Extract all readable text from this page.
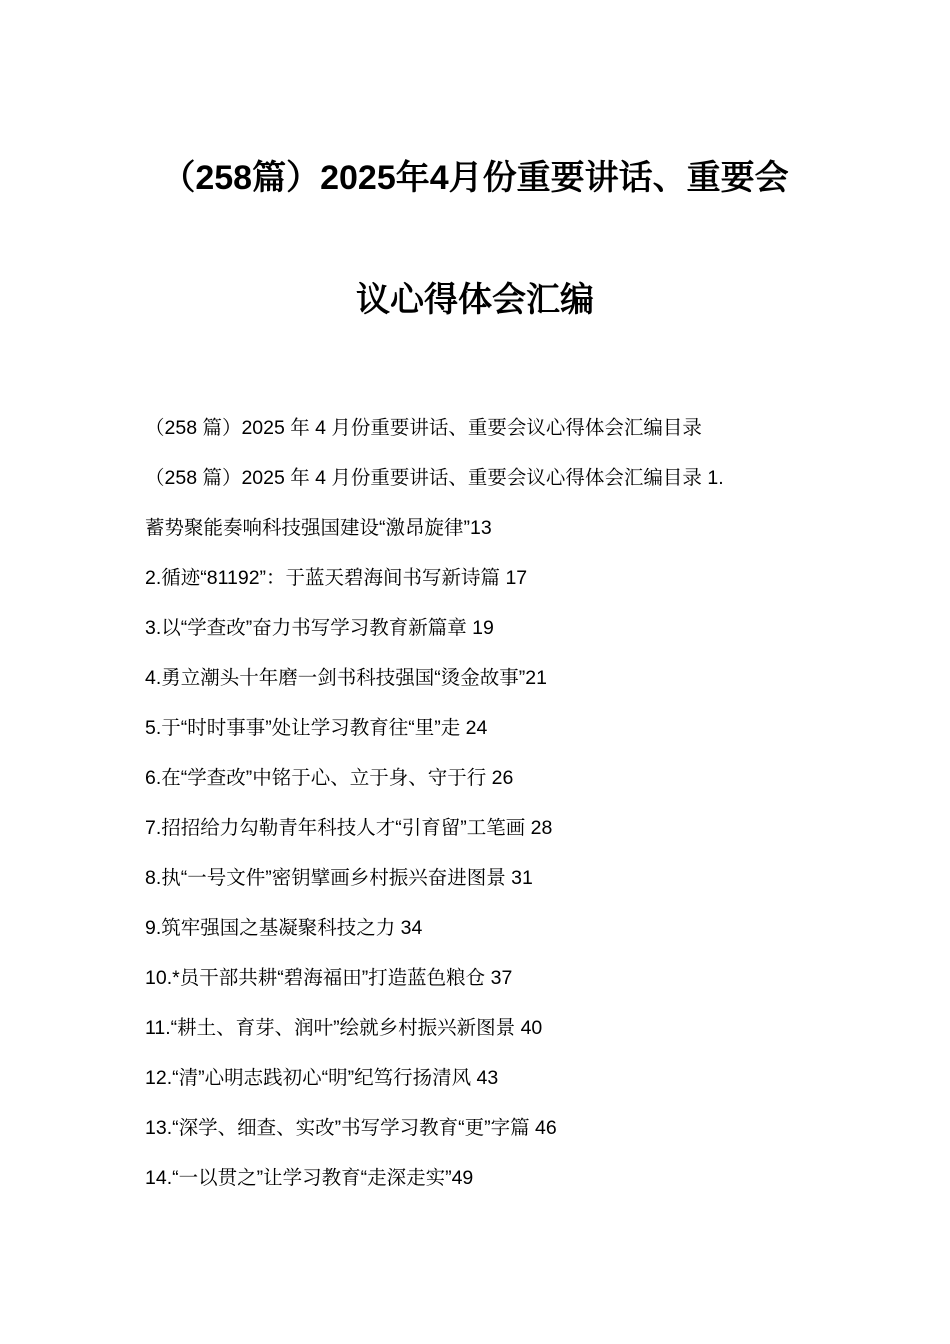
（258篇）2025年4月份重要讲话、重要会
议心得体会汇编
（258 篇）2025 年 4 月份重要讲话、重要会议心得体会汇编目录
（258 篇）2025 年 4 月份重要讲话、重要会议心得体会汇编目录 1.
蓄势聚能奏响科技强国建设“激昂旋律”13
2.循迹“81192”：于蓝天碧海间书写新诗篇 17
3.以“学查改”奋力书写学习教育新篇章 19
4.勇立潮头十年磨一剑书科技强国“烫金故事”21
5.于“时时事事”处让学习教育往“里”走 24
6.在“学查改”中铭于心、立于身、守于行 26
7.招招给力勾勒青年科技人才“引育留”工笔画 28
8.执“一号文件”密钥擘画乡村振兴奋进图景 31
9.筑牢强国之基凝聚科技之力 34
10.*员干部共耕“碧海福田”打造蓝色粮仓 37
11.“耕土、育芽、润叶”绘就乡村振兴新图景 40
12.“清”心明志践初心“明”纪笃行扬清风 43
13.“深学、细查、实改”书写学习教育“更”字篇 46
14.“一以贯之”让学习教育“走深走实”49
